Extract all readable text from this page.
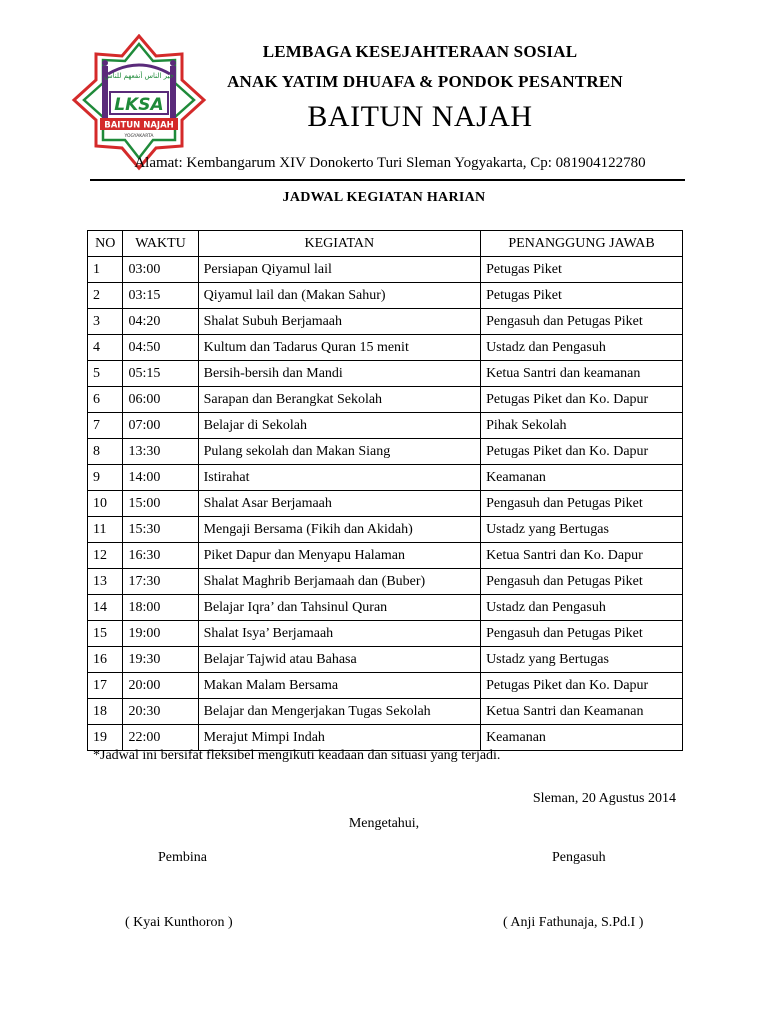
خير الناس أنفعهم للناس
LKSA
BAITUN NAJAH
YOGYAKARTA
LEMBAGA KESEJAHTERAAN SOSIAL
ANAK YATIM DHUAFA & PONDOK PESANTREN
BAITUN NAJAH
Alamat: Kembangarum XIV Donokerto Turi Sleman Yogyakarta, Cp: 081904122780
JADWAL KEGIATAN HARIAN
NO	WAKTU	KEGIATAN	PENANGGUNG JAWAB
1	03:00	Persiapan Qiyamul lail	Petugas Piket
2	03:15	Qiyamul lail dan (Makan Sahur)	Petugas Piket
3	04:20	Shalat Subuh Berjamaah	Pengasuh dan Petugas Piket
4	04:50	Kultum dan Tadarus Quran 15 menit	Ustadz dan Pengasuh
5	05:15	Bersih-bersih dan Mandi	Ketua Santri dan keamanan
6	06:00	Sarapan dan Berangkat Sekolah	Petugas Piket dan Ko. Dapur
7	07:00	Belajar di Sekolah	Pihak Sekolah
8	13:30	Pulang sekolah dan Makan Siang	Petugas Piket dan Ko. Dapur
9	14:00	Istirahat	Keamanan
10	15:00	Shalat Asar Berjamaah	Pengasuh dan Petugas Piket
11	15:30	Mengaji Bersama (Fikih dan Akidah)	Ustadz yang Bertugas
12	16:30	Piket Dapur dan Menyapu Halaman	Ketua Santri dan Ko. Dapur
13	17:30	Shalat Maghrib Berjamaah dan (Buber)	Pengasuh dan Petugas Piket
14	18:00	Belajar Iqra’ dan Tahsinul Quran	Ustadz dan Pengasuh
15	19:00	Shalat Isya’ Berjamaah	Pengasuh dan Petugas Piket
16	19:30	Belajar Tajwid atau Bahasa	Ustadz yang Bertugas
17	20:00	Makan Malam Bersama	Petugas Piket dan Ko. Dapur
18	20:30	Belajar dan Mengerjakan Tugas Sekolah	Ketua Santri dan Keamanan
19	22:00	Merajut Mimpi Indah	Keamanan
*Jadwal ini bersifat fleksibel mengikuti keadaan dan situasi yang terjadi.
Sleman, 20 Agustus 2014
Mengetahui,
Pembina	Pengasuh
( Kyai Kunthoron )	( Anji Fathunaja, S.Pd.I )
